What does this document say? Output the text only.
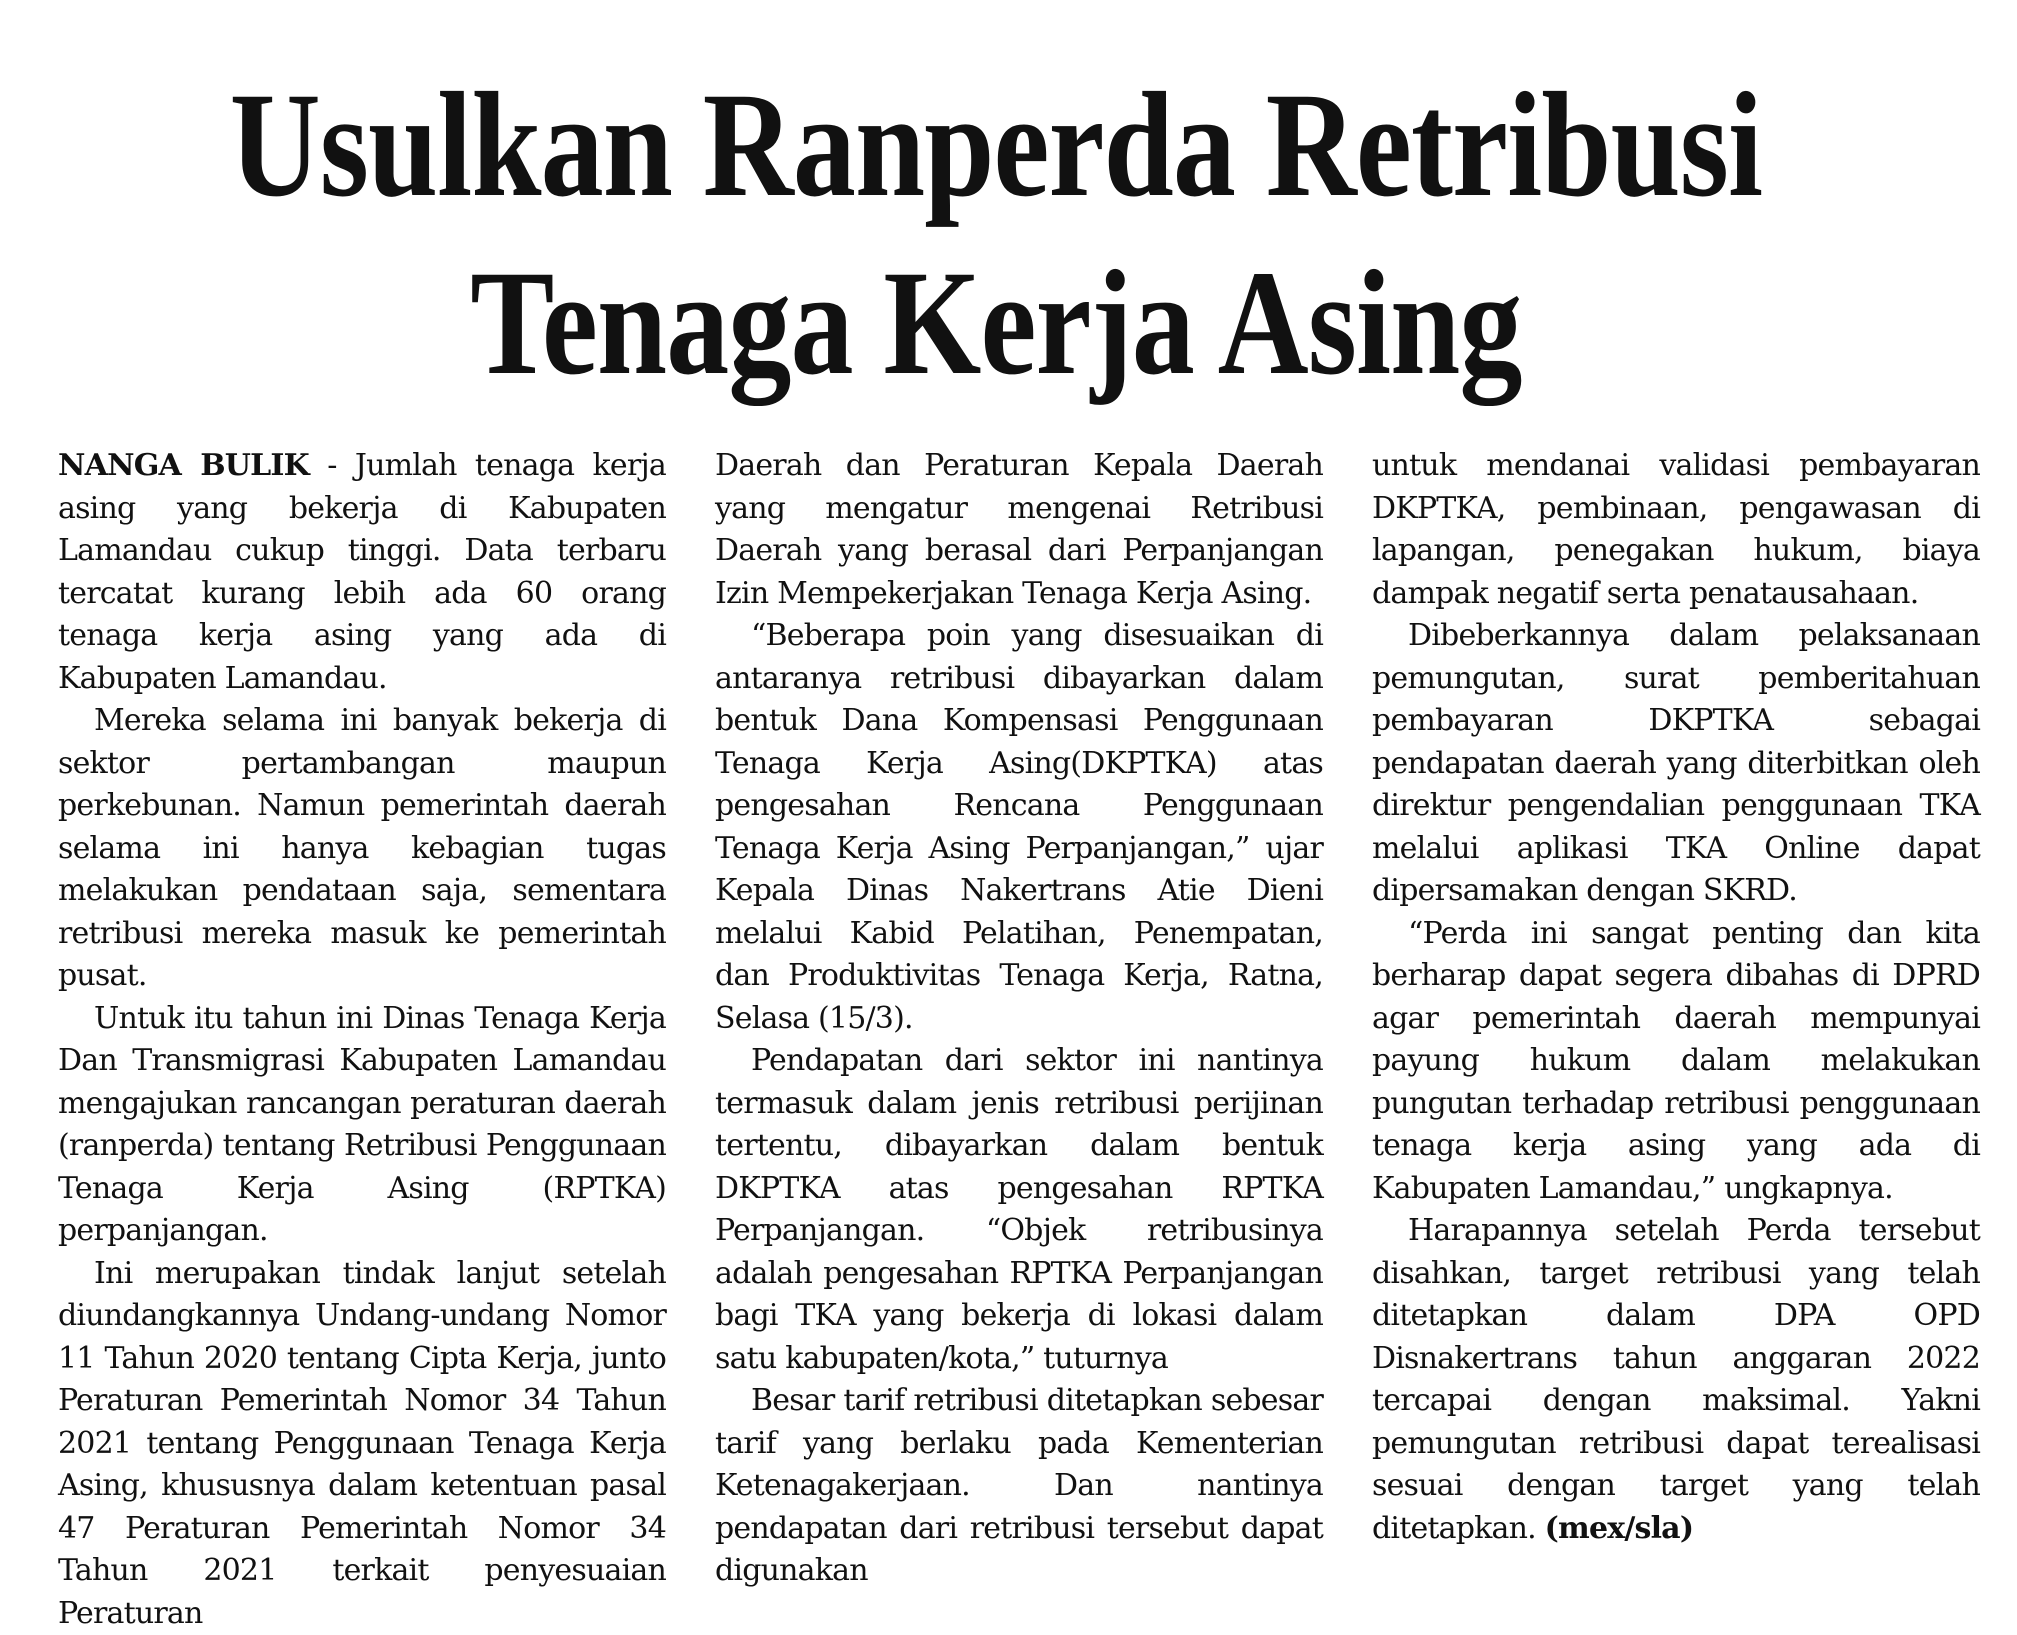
Usulkan Ranperda Retribusi
Tenaga Kerja Asing

NANGA BULIK - Jumlah tenaga kerja asing yang bekerja di Kabupaten Lamandau cukup tinggi. Data terbaru tercatat kurang lebih ada 60 orang tenaga kerja asing yang ada di Kabupaten Lamandau.

Mereka selama ini banyak bekerja di sektor pertambangan maupun perkebunan. Namun pemerintah daerah selama ini hanya kebagian tugas melakukan pendataan saja, sementara retribusi mereka masuk ke pemerintah pusat.

Untuk itu tahun ini Dinas Tenaga Kerja Dan Transmigrasi Kabupaten Lamandau mengajukan rancangan peraturan daerah (ranperda) tentang Retribusi Penggunaan Tenaga Kerja Asing (RPTKA) perpanjangan.

Ini merupakan tindak lanjut setelah diundangkannya Undang-undang Nomor 11 Tahun 2020 tentang Cipta Kerja, junto Peraturan Pemerintah Nomor 34 Tahun 2021 tentang Penggunaan Tenaga Kerja Asing, khususnya dalam ketentuan pasal 47 Peraturan Pemerintah Nomor 34 Tahun 2021 terkait penyesuaian Peraturan

Daerah dan Peraturan Kepala Daerah yang mengatur mengenai Retribusi Daerah yang berasal dari Perpanjangan Izin Mempekerjakan Tenaga Kerja Asing.

“Beberapa poin yang disesuaikan di antaranya retribusi dibayarkan dalam bentuk Dana Kompensasi Penggunaan Tenaga Kerja Asing(DKPTKA) atas pengesahan Rencana Penggunaan Tenaga Kerja Asing Perpanjangan,” ujar Kepala Dinas Nakertrans Atie Dieni melalui Kabid Pelatihan, Penempatan, dan Produktivitas Tenaga Kerja, Ratna, Selasa (15/3).

Pendapatan dari sektor ini nantinya termasuk dalam jenis retribusi perijinan tertentu, dibayarkan dalam bentuk DKPTKA atas pengesahan RPTKA Perpanjangan. “Objek retribusinya adalah pengesahan RPTKA Perpanjangan bagi TKA yang bekerja di lokasi dalam satu kabupaten/kota,” tuturnya

Besar tarif retribusi ditetapkan sebesar tarif yang berlaku pada Kementerian Ketenagakerjaan. Dan nantinya pendapatan dari retribusi tersebut dapat digunakan

untuk mendanai validasi pembayaran DKPTKA, pembinaan, pengawasan di lapangan, penegakan hukum, biaya dampak negatif serta penatausahaan.

Dibeberkannya dalam pelaksanaan pemungutan, surat pemberitahuan pembayaran DKPTKA sebagai pendapatan daerah yang diterbitkan oleh direktur pengendalian penggunaan TKA melalui aplikasi TKA Online dapat dipersamakan dengan SKRD.

“Perda ini sangat penting dan kita berharap dapat segera dibahas di DPRD agar pemerintah daerah mempunyai payung hukum dalam melakukan pungutan terhadap retribusi penggunaan tenaga kerja asing yang ada di Kabupaten Lamandau,” ungkapnya.

Harapannya setelah Perda tersebut disahkan, target retribusi yang telah ditetapkan dalam DPA OPD Disnakertrans tahun anggaran 2022 tercapai dengan maksimal. Yakni pemungutan retribusi dapat terealisasi sesuai dengan target yang telah ditetapkan. (mex/sla)
